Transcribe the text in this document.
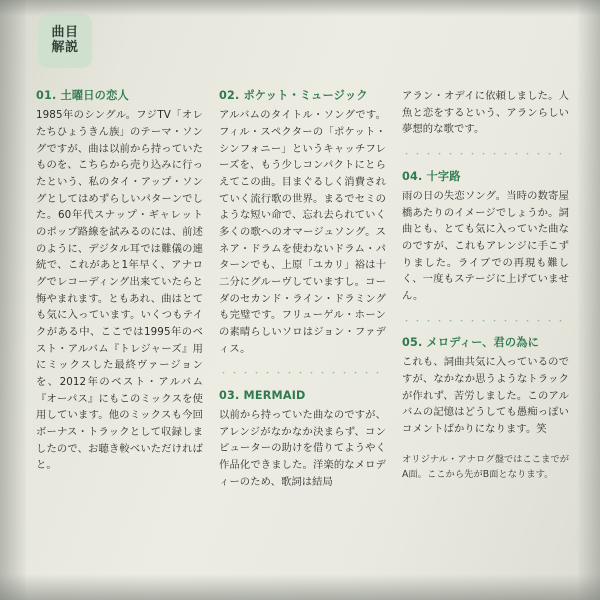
曲目
解説
01. 土曜日の恋人
1985年のシングル。フジTV「オレたちひょうきん族」のテーマ・ソングですが、曲は以前から持っていたものを、こちらから売り込みに行ったという、私のタイ・アップ・ソングとしてはめずらしいパターンでした。60年代スナップ・ギャレットのポップ路線を試みるのには、前述のように、デジタル耳では難儀の連続で、これがあと1年早く、アナログでレコーディング出来ていたらと悔やまれます。ともあれ、曲はとても気に入っています。いくつもテイクがある中、ここでは1995年のベスト・アルバム『トレジャーズ』用にミックスした最終ヴァージョンを、2012年のベスト・アルバム『オーパス』にもこのミックスを使用しています。他のミックスも今回ボーナス・トラックとして収録しましたので、お聴き較べいただければと。
02. ポケット・ミュージック
アルバムのタイトル・ソングです。フィル・スペクターの「ポケット・シンフォニー」というキャッチフレーズを、もう少しコンパクトにとらえてこの曲。目まぐるしく消費されていく流行歌の世界。まるでセミのような短い命で、忘れ去られていく多くの歌へのオマージュソング。スネア・ドラムを使わないドラム・パターンでも、上原「ユカリ」裕は十二分にグルーヴしていますし。コーダのセカンド・ライン・ドラミングも完璧です。フリューゲル・ホーンの素晴らしいソロはジョン・ファディス。
・・・・・・・・・・・・・・・
03. MERMAID
以前から持っていた曲なのですが、アレンジがなかなか決まらず、コンピューターの助けを借りてようやく作品化できました。洋楽的なメロディーのため、歌詞は結局
アラン・オデイに依頼しました。人魚と恋をするという、アランらしい夢想的な歌です。
・・・・・・・・・・・・・・・
04. 十字路
雨の日の失恋ソング。当時の数寄屋橋あたりのイメージでしょうか。詞曲とも、とても気に入っていた曲なのですが、これもアレンジに手こずりました。ライブでの再現も難しく、一度もステージに上げていません。
・・・・・・・・・・・・・・・
05. メロディー、君の為に
これも、詞曲共気に入っているのですが、なかなか思うようなトラックが作れず、苦労しました。このアルバムの記憶はどうしても愚痴っぽいコメントばかりになります。笑
オリジナル・アナログ盤ではここまでがA面。ここから先がB面となります。
